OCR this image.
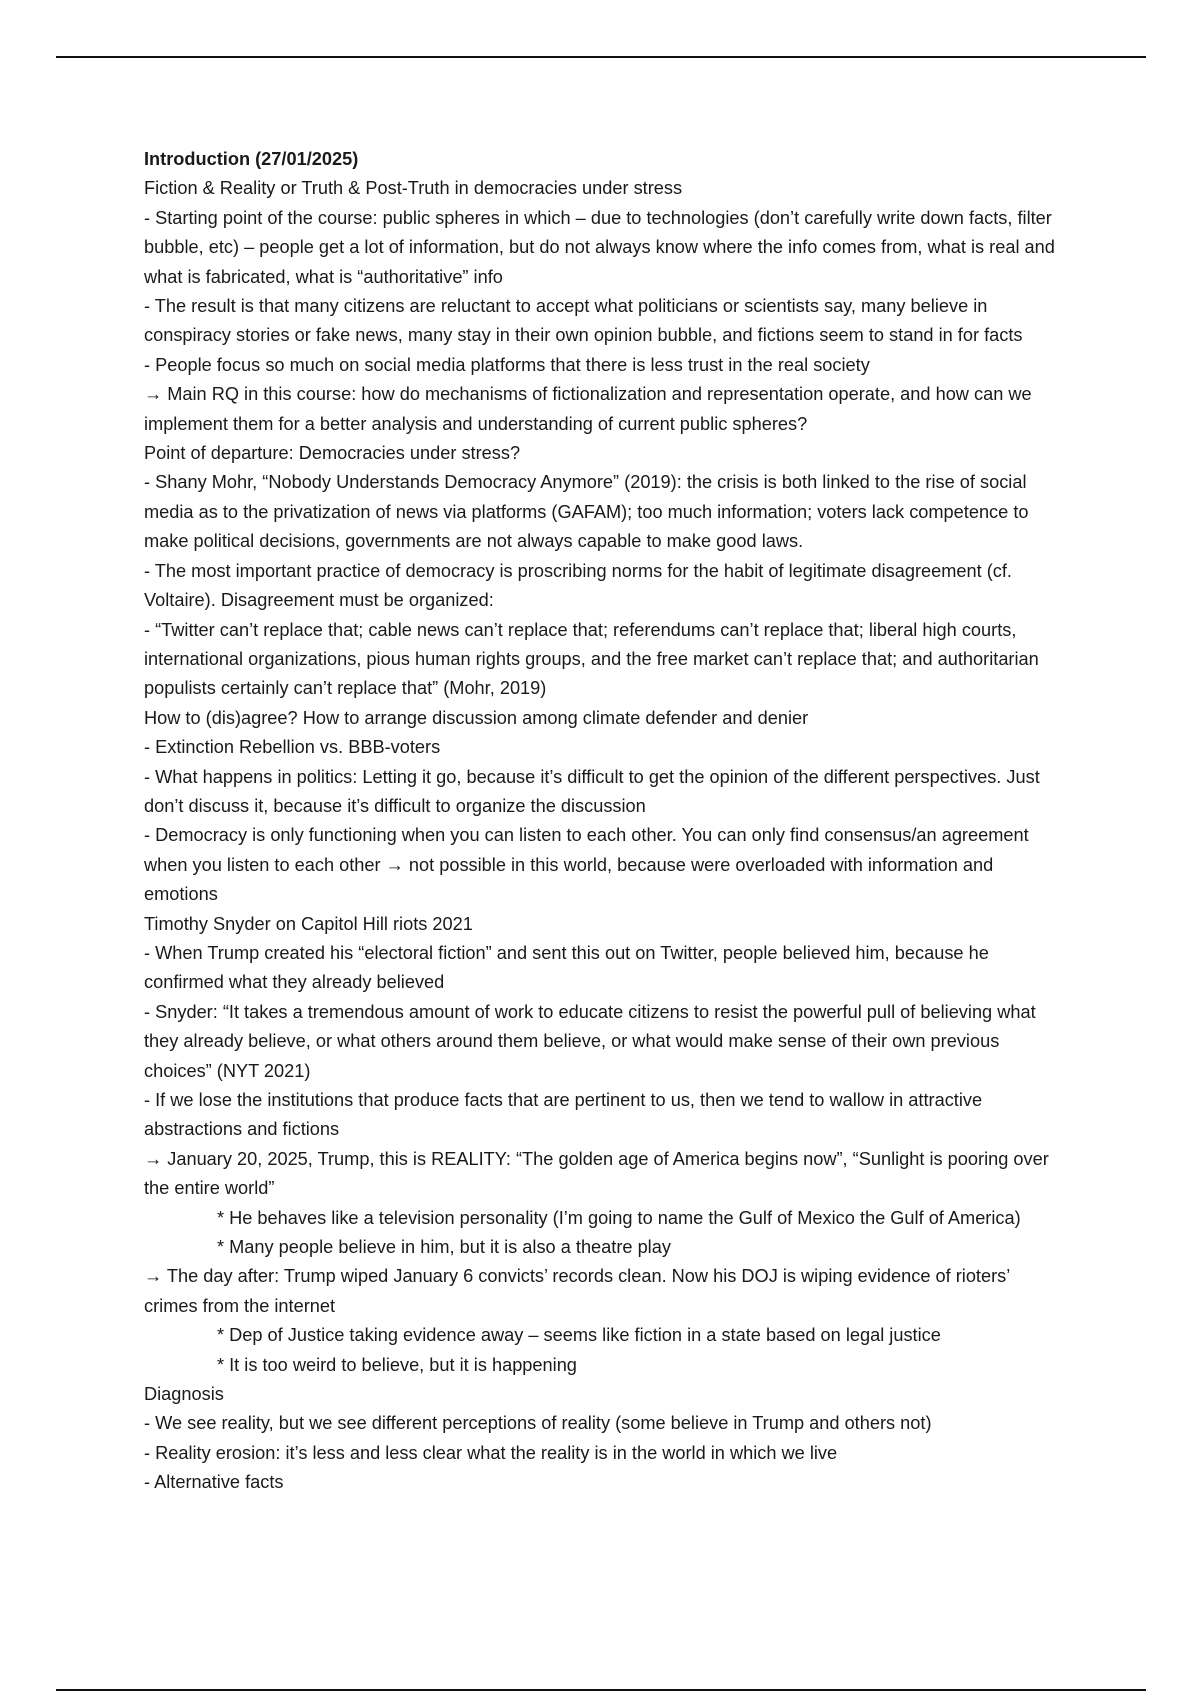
Introduction (27/01/2025)

Fiction & Reality or Truth & Post-Truth in democracies under stress

- Starting point of the course: public spheres in which – due to technologies (don’t carefully write down facts, filter bubble, etc) – people get a lot of information, but do not always know where the info comes from, what is real and what is fabricated, what is “authoritative” info

- The result is that many citizens are reluctant to accept what politicians or scientists say, many believe in conspiracy stories or fake news, many stay in their own opinion bubble, and fictions seem to stand in for facts

- People focus so much on social media platforms that there is less trust in the real society

→ Main RQ in this course: how do mechanisms of fictionalization and representation operate, and how can we implement them for a better analysis and understanding of current public spheres?

Point of departure: Democracies under stress?

- Shany Mohr, “Nobody Understands Democracy Anymore” (2019): the crisis is both linked to the rise of social media as to the privatization of news via platforms (GAFAM); too much information; voters lack competence to make political decisions, governments are not always capable to make good laws.

- The most important practice of democracy is proscribing norms for the habit of legitimate disagreement (cf. Voltaire). Disagreement must be organized:

- “Twitter can’t replace that; cable news can’t replace that; referendums can’t replace that; liberal high courts, international organizations, pious human rights groups, and the free market can’t replace that; and authoritarian populists certainly can’t replace that” (Mohr, 2019)

How to (dis)agree? How to arrange discussion among climate defender and denier

- Extinction Rebellion vs. BBB-voters

- What happens in politics: Letting it go, because it’s difficult to get the opinion of the different perspectives. Just don’t discuss it, because it’s difficult to organize the discussion

- Democracy is only functioning when you can listen to each other. You can only find consensus/an agreement when you listen to each other → not possible in this world, because were overloaded with information and emotions

Timothy Snyder on Capitol Hill riots 2021

- When Trump created his “electoral fiction” and sent this out on Twitter, people believed him, because he confirmed what they already believed

- Snyder: “It takes a tremendous amount of work to educate citizens to resist the powerful pull of believing what they already believe, or what others around them believe, or what would make sense of their own previous choices” (NYT 2021)

- If we lose the institutions that produce facts that are pertinent to us, then we tend to wallow in attractive abstractions and fictions

→ January 20, 2025, Trump, this is REALITY: “The golden age of America begins now”, “Sunlight is pooring over the entire world”

* He behaves like a television personality (I’m going to name the Gulf of Mexico the Gulf of America)

* Many people believe in him, but it is also a theatre play

→ The day after: Trump wiped January 6 convicts’ records clean. Now his DOJ is wiping evidence of rioters’ crimes from the internet

* Dep of Justice taking evidence away – seems like fiction in a state based on legal justice

* It is too weird to believe, but it is happening

Diagnosis

- We see reality, but we see different perceptions of reality (some believe in Trump and others not)

- Reality erosion: it’s less and less clear what the reality is in the world in which we live

- Alternative facts
